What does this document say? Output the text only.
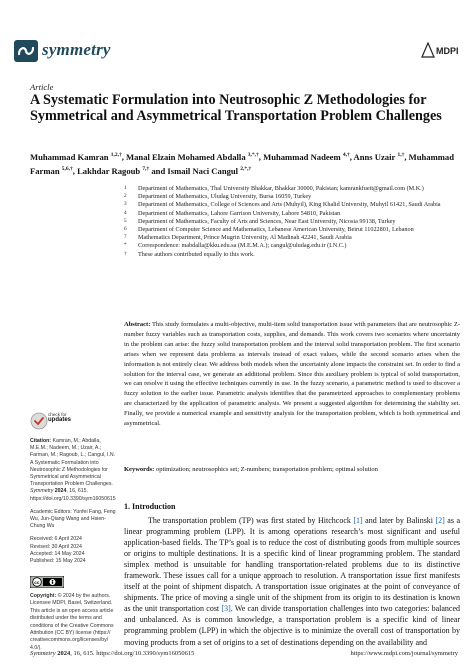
symmetry	MDPI
Article
A Systematic Formulation into Neutrosophic Z Methodologies for Symmetrical and Asymmetrical Transportation Problem Challenges
Muhammad Kamran $^{1,2,\dagger}$, Manal Elzain Mohamed Abdalla $^{3,*,\dagger}$, Muhammad Nadeem $^{4,\dagger}$, Anns Uzair $^{1,\dagger}$, Muhammad Farman $^{5,6,\dagger}$, Lakhdar Ragoub $^{7,\dagger}$ and Ismail Naci Cangul $^{2,*,\dagger}$
1	Department of Mathematics, Thal University Bhakkar, Bhakkar 30000, Pakistan; kamrankfueit@gmail.com (M.K.)
2	Department of Mathematics, Uludag University, Bursa 16059, Turkey
3	Department of Mathematics, College of Sciences and Arts (Muhyil), King Khalid University, Muhyil 61421, Saudi Arabia
4	Department of Mathematics, Lahore Garrison University, Lahore 54810, Pakistan
5	Department of Mathematics, Faculty of Arts and Sciences, Near East University, Nicosia 99138, Turkey
6	Department of Computer Science and Mathematics, Lebanese American University, Beirut 11022801, Lebanon
7	Mathematics Department, Prince Mugrin University, Al Madinah 42241, Saudi Arabia
*	Correspondence: mabdalla@kku.edu.sa (M.E.M.A.); cangul@uludag.edu.tr (I.N.C.)
†	These authors contributed equally to this work.
Abstract: This study formulates a multi-objective, multi-item solid transportation issue with parameters that are neutrosophic Z-number fuzzy variables such as transportation costs, supplies, and demands. This work covers two scenarios where uncertainty in the problem can arise: the fuzzy solid transportation problem and the interval solid transportation problem. The first scenario arises when we represent data problems as intervals instead of exact values, while the second scenario arises when the information is not entirely clear. We address both models when the uncertainty alone impacts the constraint set. In order to find a solution for the interval case, we generate an additional problem. Since this auxiliary problem is typical of solid transportation, we can resolve it using the effective techniques currently in use. In the fuzzy scenario, a parametric method is used to discover a fuzzy solution to the earlier issue. Parametric analysis identifies that the parametrized approaches to complementary problems are characterized by the application of parametric analysis. We present a suggested algorithm for determining the stability set. Finally, we provide a numerical example and sensitivity analysis for the transportation problem, which is both symmetrical and asymmetrical.
Keywords: optimization; neutrosophics set; Z-numbers; transportation problem; optimal solution
1. Introduction
The transportation problem (TP) was first stated by Hitchcock [1] and later by Balinski [2] as a linear programming problem (LPP). It is among operations research’s most significant and useful application-based fields. The TP’s goal is to reduce the cost of distributing goods from multiple sources or origins to multiple destinations. It is a specific kind of linear programming problem. The standard simplex method is unsuitable for handling transportation-related problems due to its distinctive framework. These issues call for a unique approach to resolution. A transportation issue first manifests itself at the point of shipment dispatch. A transportation issue originates at the point of conveyance of shipments. The price of moving a single unit of the shipment from its origin to its destination is known as the unit transportation cost [3]. We can divide transportation challenges into two categories: balanced and unbalanced. As is common knowledge, a transportation problem is a specific kind of linear programming problem (LPP) in which the objective is to minimize the overall cost of transportation by moving products from a set of origins to a set of destinations depending on the availability and
check for
updates
Citation: Kamran, M.; Abdalla, M.E.M.; Nadeem, M.; Uzair, A.; Farman, M.; Ragoub, L.; Cangul, I.N. A Systematic Formulation into Neutrosophic Z Methodologies for Symmetrical and Asymmetrical Transportation Problem Challenges. Symmetry 2024, 16, 615. https://doi.org/10.3390/sym16050615
Academic Editors: Yunfei Fang, Feng Wu, Jun-Qiang Wang and Hsien-Chung Wu
Received: 6 April 2024
Revised: 30 April 2024
Accepted: 14 May 2024
Published: 15 May 2024
cc
Copyright: © 2024 by the authors. Licensee MDPI, Basel, Switzerland. This article is an open access article distributed under the terms and conditions of the Creative Commons Attribution (CC BY) license (https:// creativecommons.org/licenses/by/ 4.0/).
Symmetry 2024, 16, 615. https://doi.org/10.3390/sym16050615	https://www.mdpi.com/journal/symmetry
